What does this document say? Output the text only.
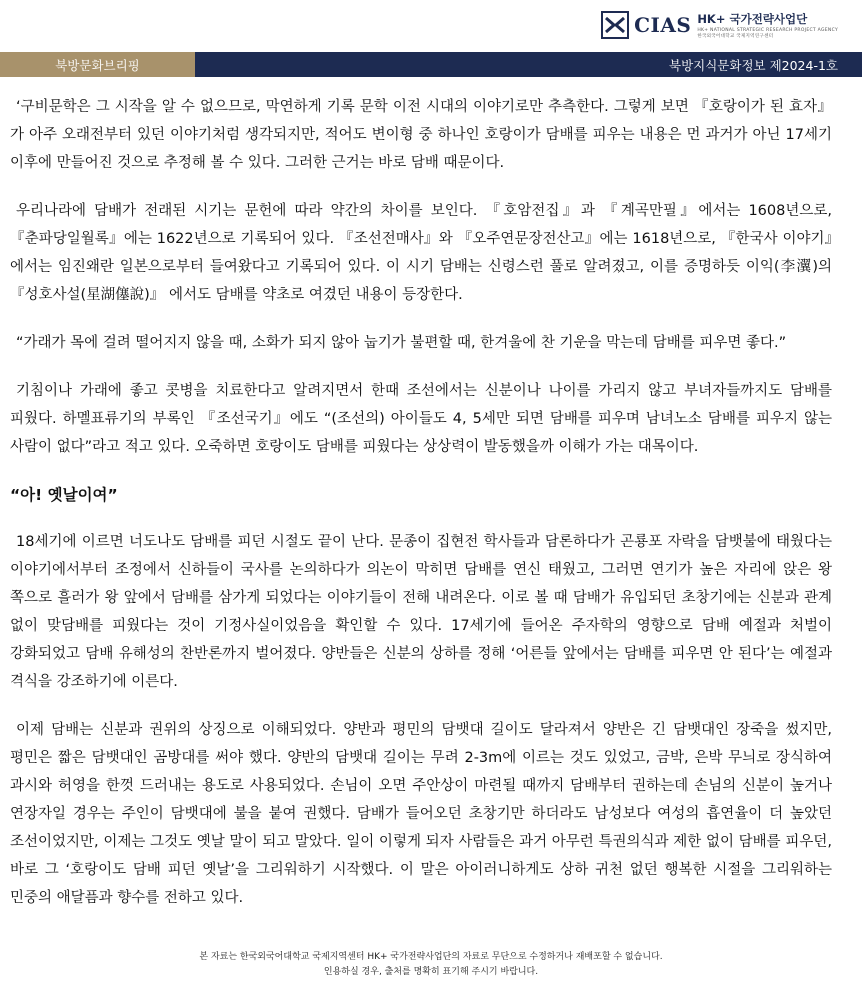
CIAS HK+ 국가전략사업단
HK+ NATIONAL STRATEGIC RESEARCH PROJECT AGENCY
한국외국어대학교 국제지역연구센터
북방문화브리핑	북방지식문화정보 제2024-1호

‘구비문학은 그 시작을 알 수 없으므로, 막연하게 기록 문학 이전 시대의 이야기로만 추측한다. 그렇게 보면 『호랑이가 된 효자』가 아주 오래전부터 있던 이야기처럼 생각되지만, 적어도 변이형 중 하나인 호랑이가 담배를 피우는 내용은 먼 과거가 아닌 17세기 이후에 만들어진 것으로 추정해 볼 수 있다. 그러한 근거는 바로 담배 때문이다.

우리나라에 담배가 전래된 시기는 문헌에 따라 약간의 차이를 보인다. 『호암전집』과 『계곡만필』에서는 1608년으로, 『춘파당일월록』에는 1622년으로 기록되어 있다. 『조선전매사』와 『오주연문장전산고』에는 1618년으로, 『한국사 이야기』에서는 임진왜란 일본으로부터 들여왔다고 기록되어 있다. 이 시기 담배는 신령스런 풀로 알려졌고, 이를 증명하듯 이익(李瀷)의 『성호사설(星湖僿說)』 에서도 담배를 약초로 여겼던 내용이 등장한다.

“가래가 목에 걸려 떨어지지 않을 때, 소화가 되지 않아 눕기가 불편할 때, 한겨울에 찬 기운을 막는데 담배를 피우면 좋다.”

기침이나 가래에 좋고 콧병을 치료한다고 알려지면서 한때 조선에서는 신분이나 나이를 가리지 않고 부녀자들까지도 담배를 피웠다. 하멜표류기의 부록인 『조선국기』에도 “(조선의) 아이들도 4, 5세만 되면 담배를 피우며 남녀노소 담배를 피우지 않는 사람이 없다”라고 적고 있다. 오죽하면 호랑이도 담배를 피웠다는 상상력이 발동했을까 이해가 가는 대목이다.

“아! 옛날이여”

18세기에 이르면 너도나도 담배를 피던 시절도 끝이 난다. 문종이 집현전 학사들과 담론하다가 곤룡포 자락을 담뱃불에 태웠다는 이야기에서부터 조정에서 신하들이 국사를 논의하다가 의논이 막히면 담배를 연신 태웠고, 그러면 연기가 높은 자리에 앉은 왕 쪽으로 흘러가 왕 앞에서 담배를 삼가게 되었다는 이야기들이 전해 내려온다. 이로 볼 때 담배가 유입되던 초창기에는 신분과 관계 없이 맞담배를 피웠다는 것이 기정사실이었음을 확인할 수 있다. 17세기에 들어온 주자학의 영향으로 담배 예절과 처벌이 강화되었고 담배 유해성의 찬반론까지 벌어졌다. 양반들은 신분의 상하를 정해 ‘어른들 앞에서는 담배를 피우면 안 된다’는 예절과 격식을 강조하기에 이른다.

이제 담배는 신분과 권위의 상징으로 이해되었다. 양반과 평민의 담뱃대 길이도 달라져서 양반은 긴 담뱃대인 장죽을 썼지만, 평민은 짧은 담뱃대인 곰방대를 써야 했다. 양반의 담뱃대 길이는 무려 2-3m에 이르는 것도 있었고, 금박, 은박 무늬로 장식하여 과시와 허영을 한껏 드러내는 용도로 사용되었다. 손님이 오면 주안상이 마련될 때까지 담배부터 권하는데 손님의 신분이 높거나 연장자일 경우는 주인이 담뱃대에 불을 붙여 권했다. 담배가 들어오던 초창기만 하더라도 남성보다 여성의 흡연율이 더 높았던 조선이었지만, 이제는 그것도 옛날 말이 되고 말았다. 일이 이렇게 되자 사람들은 과거 아무런 특권의식과 제한 없이 담배를 피우던, 바로 그 ‘호랑이도 담배 피던 옛날’을 그리워하기 시작했다. 이 말은 아이러니하게도 상하 귀천 없던 행복한 시절을 그리워하는 민중의 애달픔과 향수를 전하고 있다.

본 자료는 한국외국어대학교 국제지역센터 HK+ 국가전략사업단의 자료로 무단으로 수정하거나 재배포할 수 없습니다.
인용하실 경우, 출처를 명확히 표기해 주시기 바랍니다.
